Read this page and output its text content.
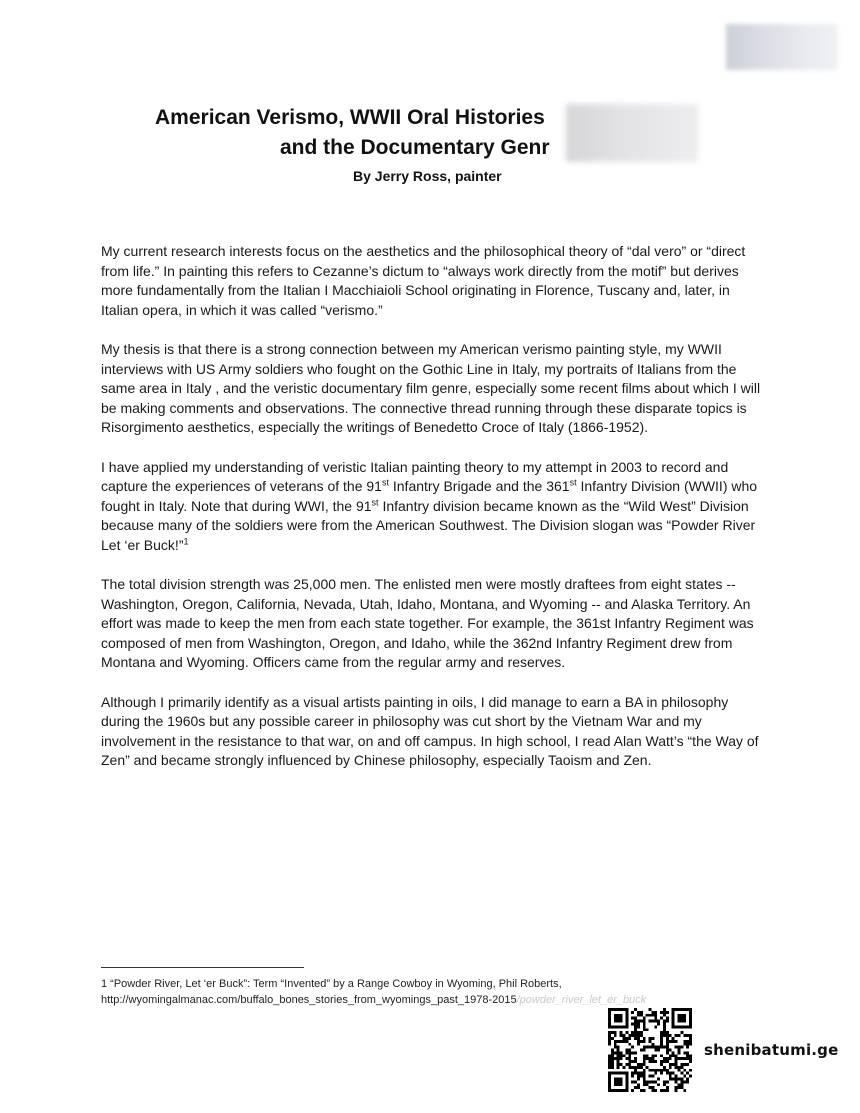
American Verismo, WWII Oral Histories
and the Documentary Genr
By Jerry Ross, painter

My current research interests focus on the aesthetics and the philosophical theory of “dal vero” or “direct from life.” In painting this refers to Cezanne’s dictum to “always work directly from the motif” but derives more fundamentally from the Italian I Macchiaioli School originating in Florence, Tuscany and, later, in Italian opera, in which it was called “verismo.”

My thesis is that there is a strong connection between my American verismo painting style, my WWII interviews with US Army soldiers who fought on the Gothic Line in Italy, my portraits of Italians from the same area in Italy , and the veristic documentary film genre, especially some recent films about which I will be making comments and observations. The connective thread running through these disparate topics is Risorgimento aesthetics, especially the writings of Benedetto Croce of Italy (1866-1952).

I have applied my understanding of veristic Italian painting theory to my attempt in 2003 to record and capture the experiences of veterans of the 91st Infantry Brigade and the 361st Infantry Division (WWII) who fought in Italy. Note that during WWI, the 91st Infantry division became known as the “Wild West” Division because many of the soldiers were from the American Southwest. The Division slogan was “Powder River Let ‘er Buck!”$^1$

The total division strength was 25,000 men. The enlisted men were mostly draftees from eight states -- Washington, Oregon, California, Nevada, Utah, Idaho, Montana, and Wyoming -- and Alaska Territory. An effort was made to keep the men from each state together. For example, the 361st Infantry Regiment was composed of men from Washington, Oregon, and Idaho, while the 362nd Infantry Regiment drew from Montana and Wyoming. Officers came from the regular army and reserves.

Although I primarily identify as a visual artists painting in oils, I did manage to earn a BA in philosophy during the 1960s but any possible career in philosophy was cut short by the Vietnam War and my involvement in the resistance to that war, on and off campus. In high school, I read Alan Watt’s “the Way of Zen” and became strongly influenced by Chinese philosophy, especially Taoism and Zen.

1 “Powder River, Let ‘er Buck”: Term “Invented” by a Range Cowboy in Wyoming, Phil Roberts,
http://wyomingalmanac.com/buffalo_bones_stories_from_wyomings_past_1978-2015/powder_river_let_er_buck
shenibatumi.ge
